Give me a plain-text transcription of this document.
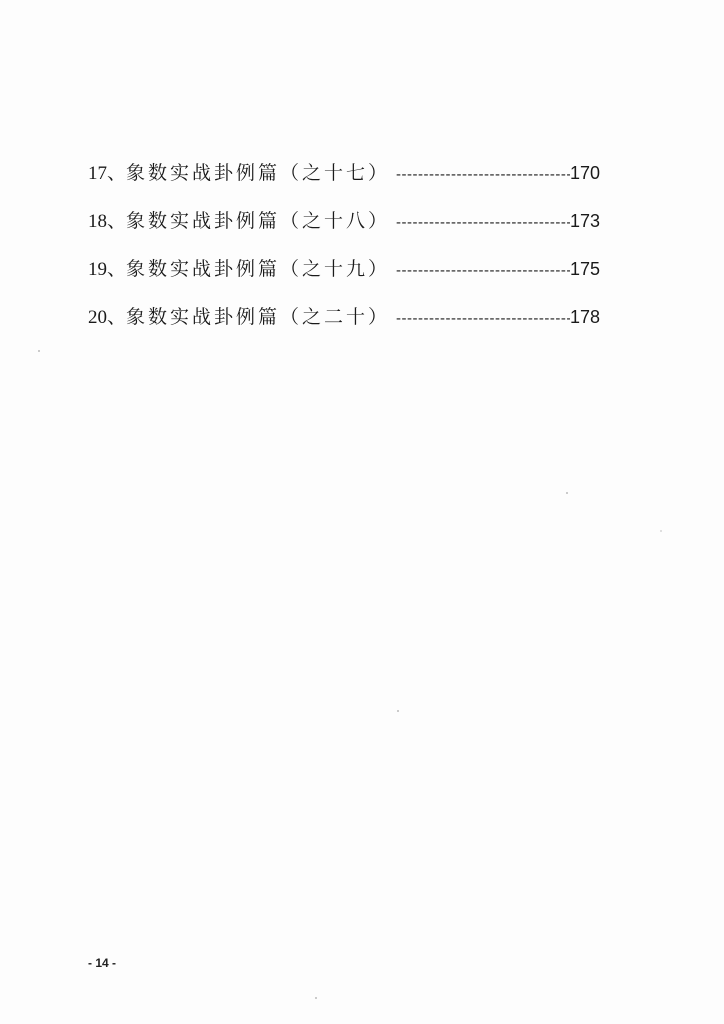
17、 象数实战卦例篇（之十七） -----	170
18、 象数实战卦例篇（之十八） -----	173
19、 象数实战卦例篇（之十九） -----	175
20、 象数实战卦例篇（之二十） -----	178
- 14 -
